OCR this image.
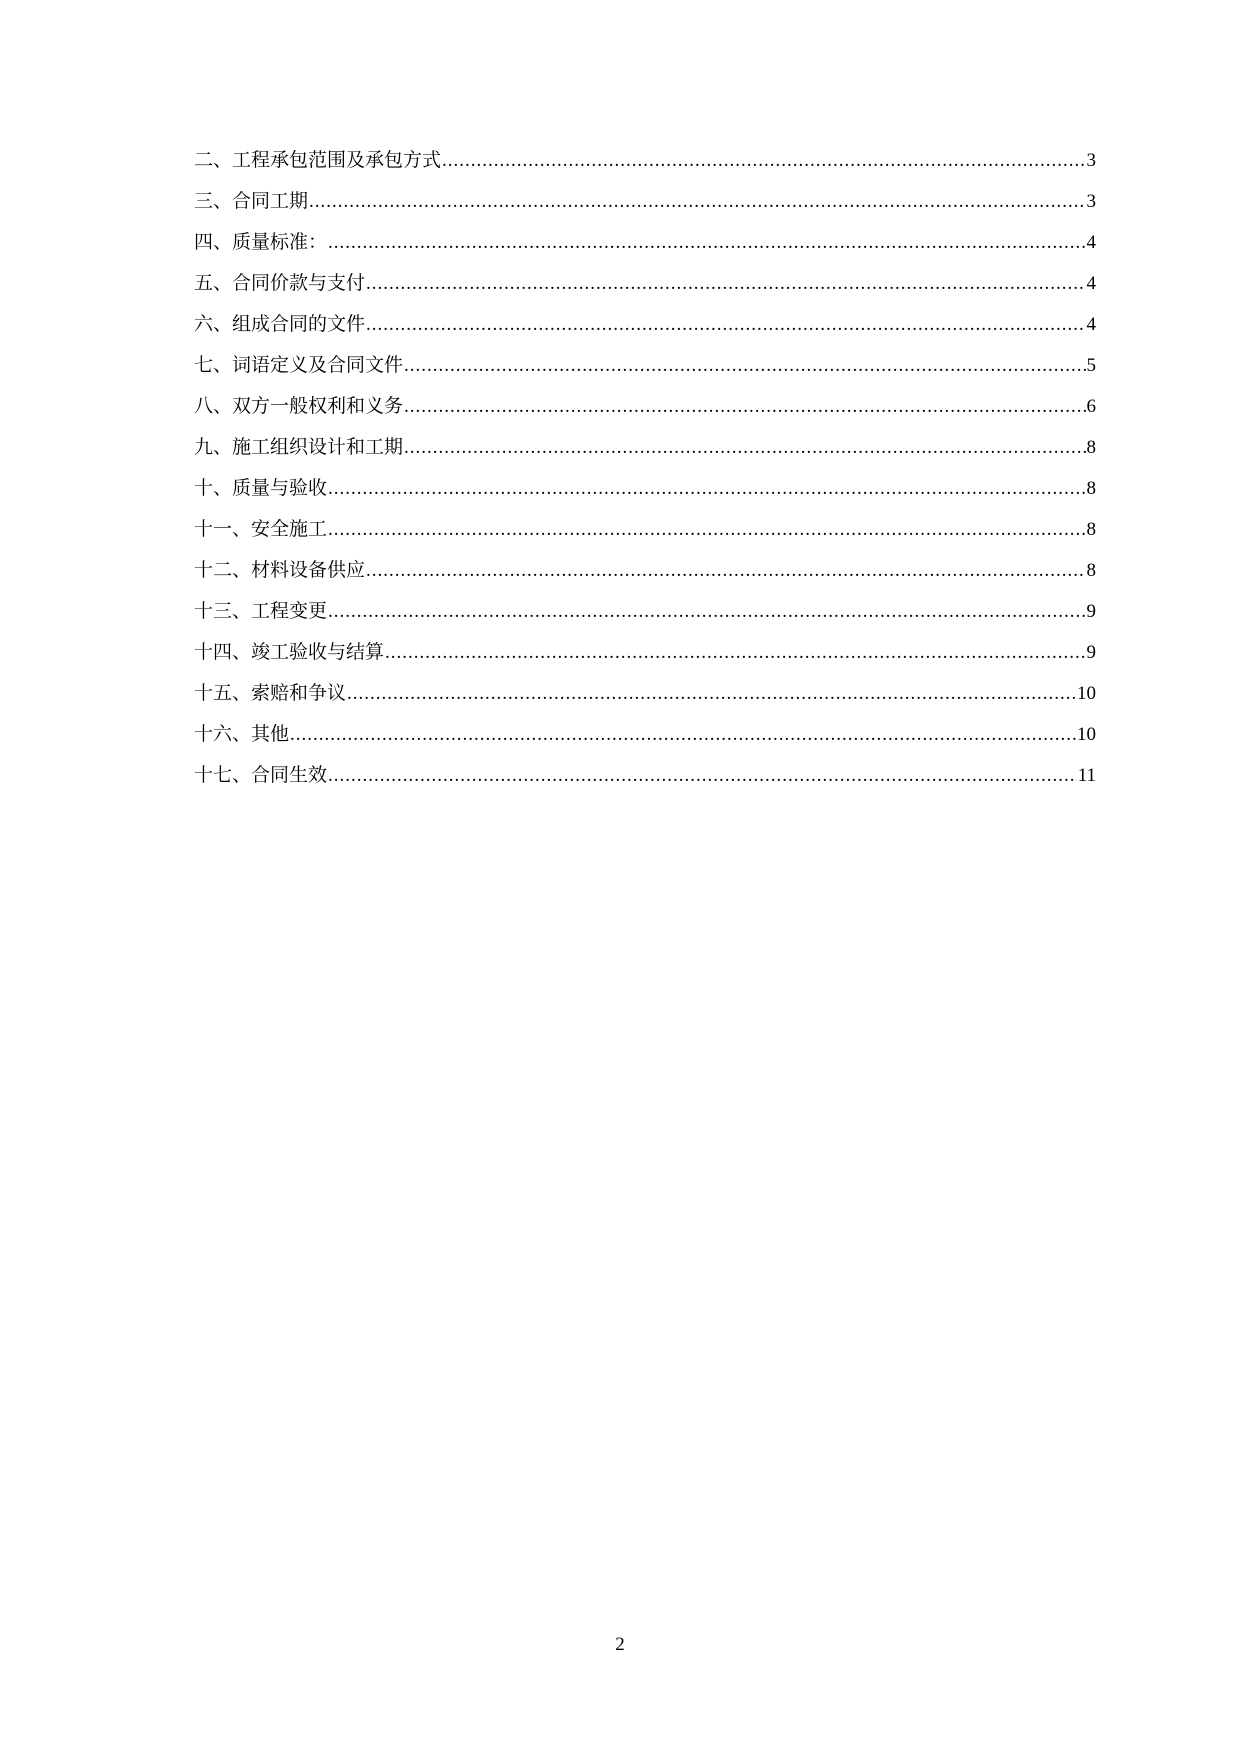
二、工程承包范围及承包方式 .....	3
三、合同工期 .....	3
四、质量标准： .....	4
五、合同价款与支付 .....	4
六、组成合同的文件 .....	4
七、词语定义及合同文件 .....	5
八、双方一般权利和义务 .....	6
九、施工组织设计和工期 .....	8
十、质量与验收 .....	8
十一、安全施工 .....	8
十二、材料设备供应 .....	8
十三、工程变更 .....	9
十四、竣工验收与结算 .....	9
十五、索赔和争议 .....	10
十六、其他 .....	10
十七、合同生效 .....	11
2
